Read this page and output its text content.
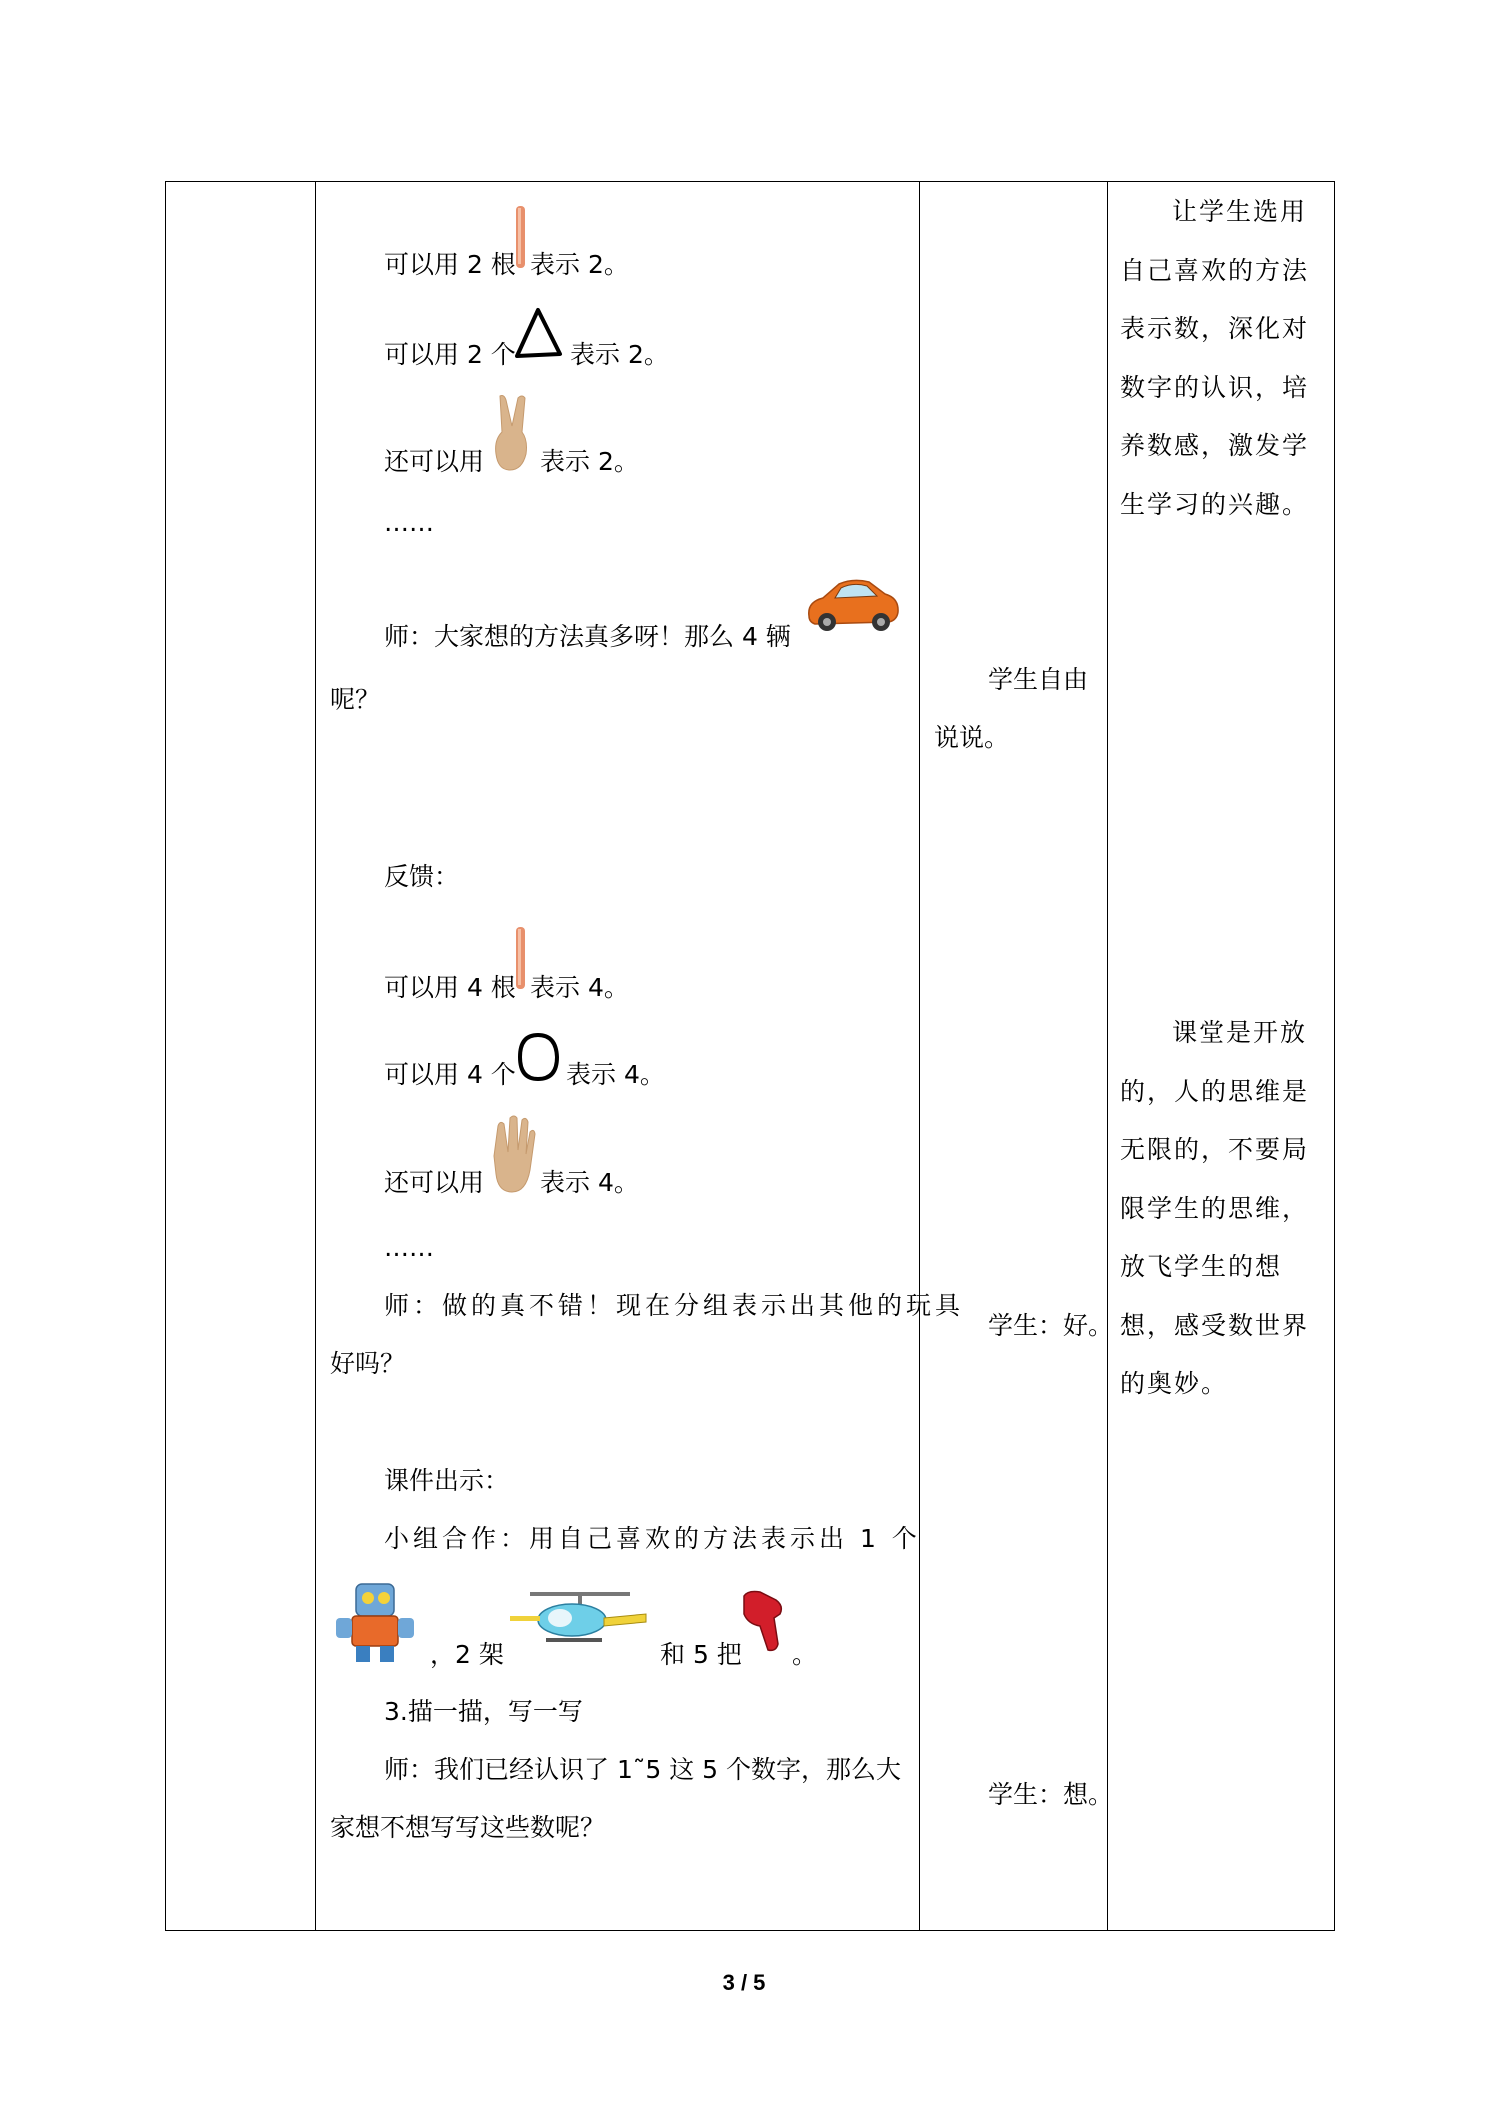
可以用 2 根 表示 2。
可以用 2 个 表示 2。
还可以用 表示 2。
……
师：大家想的方法真多呀！那么 4 辆
呢？
反馈：
可以用 4 根 表示 4。
可以用 4 个 表示 4。
还可以用 表示 4。
……
师：做的真不错！现在分组表示出其他的玩具
好吗？
课件出示：
小组合作：用自己喜欢的方法表示出 1 个
，2 架	和 5 把 。
3.描一描，写一写
师：我们已经认识了 1˜5 这 5 个数字，那么大
家想不想写写这些数呢？
学生自由
说说。
学生：好。
学生：想。
让学生选用
自己喜欢的方法
表示数，深化对
数字的认识，培
养数感，激发学
生学习的兴趣。
课堂是开放
的，人的思维是
无限的，不要局
限学生的思维，
放飞学生的想
想，感受数世界
的奥妙。
3 / 5
